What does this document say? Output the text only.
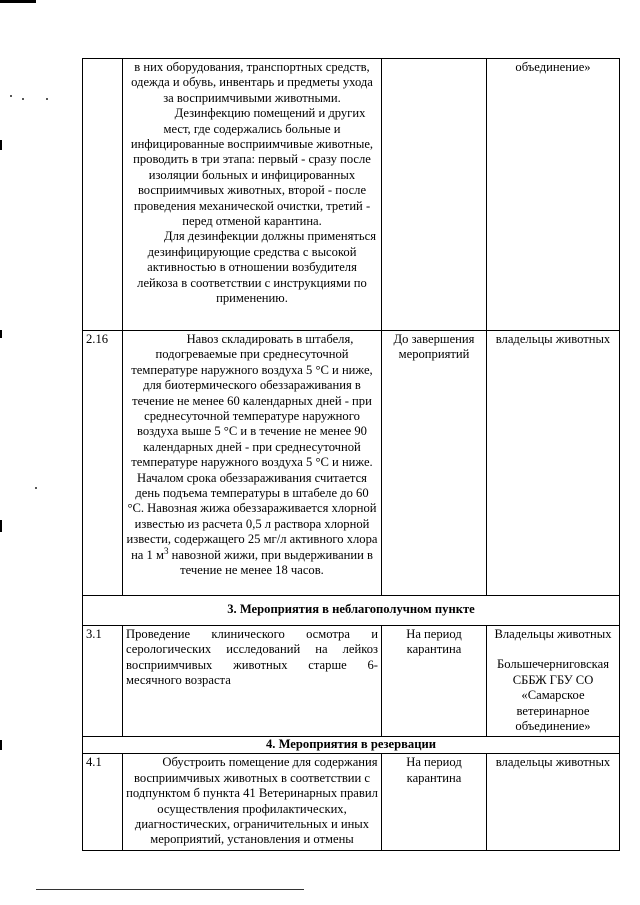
	в них оборудования, транспортных средств, одежда и обувь, инвентарь и предметы ухода за восприимчивыми животными.

Дезинфекцию помещений и других мест, где содержались больные и инфицированные восприимчивые животные, проводить в три этапа: первый - сразу после изоляции больных и инфицированных восприимчивых животных, второй - после проведения механической очистки, третий - перед отменой карантина.

Для дезинфекции должны применяться дезинфицирующие средства с высокой активностью в отношении возбудителя лейкоза в соответствии с инструкциями по применению.		объединение»
2.16	Навоз складировать в штабеля, подогреваемые при среднесуточной температуре наружного воздуха 5 °С и ниже, для биотермического обеззараживания в течение не менее 60 календарных дней - при среднесуточной температуре наружного воздуха выше 5 °С и в течение не менее 90 календарных дней - при среднесуточной температуре наружного воздуха 5 °С и ниже. Началом срока обеззараживания считается день подъема температуры в штабеле до 60 °С. Навозная жижа обеззараживается хлорной известью из расчета 0,5 л раствора хлорной извести, содержащего 25 мг/л активного хлора на 1 $м^3$ навозной жижи, при выдерживании в течение не менее 18 часов.	До завершения мероприятий	владельцы животных
3. Мероприятия в неблагополучном пункте			
3.1	Проведение клинического осмотра и серологических исследований на лейкоз восприимчивых животных старше 6-месячного возраста	На период карантина	Владельцы животных

Большечерниговская СББЖ ГБУ СО «Самарское ветеринарное объединение»

4. Мероприятия в резервации			
4.1	Обустроить помещение для содержания восприимчивых животных в соответствии с подпунктом б пункта 41 Ветеринарных правил осуществления профилактических, диагностических, ограничительных и иных мероприятий, установления и отмены	На период карантина	владельцы животных
